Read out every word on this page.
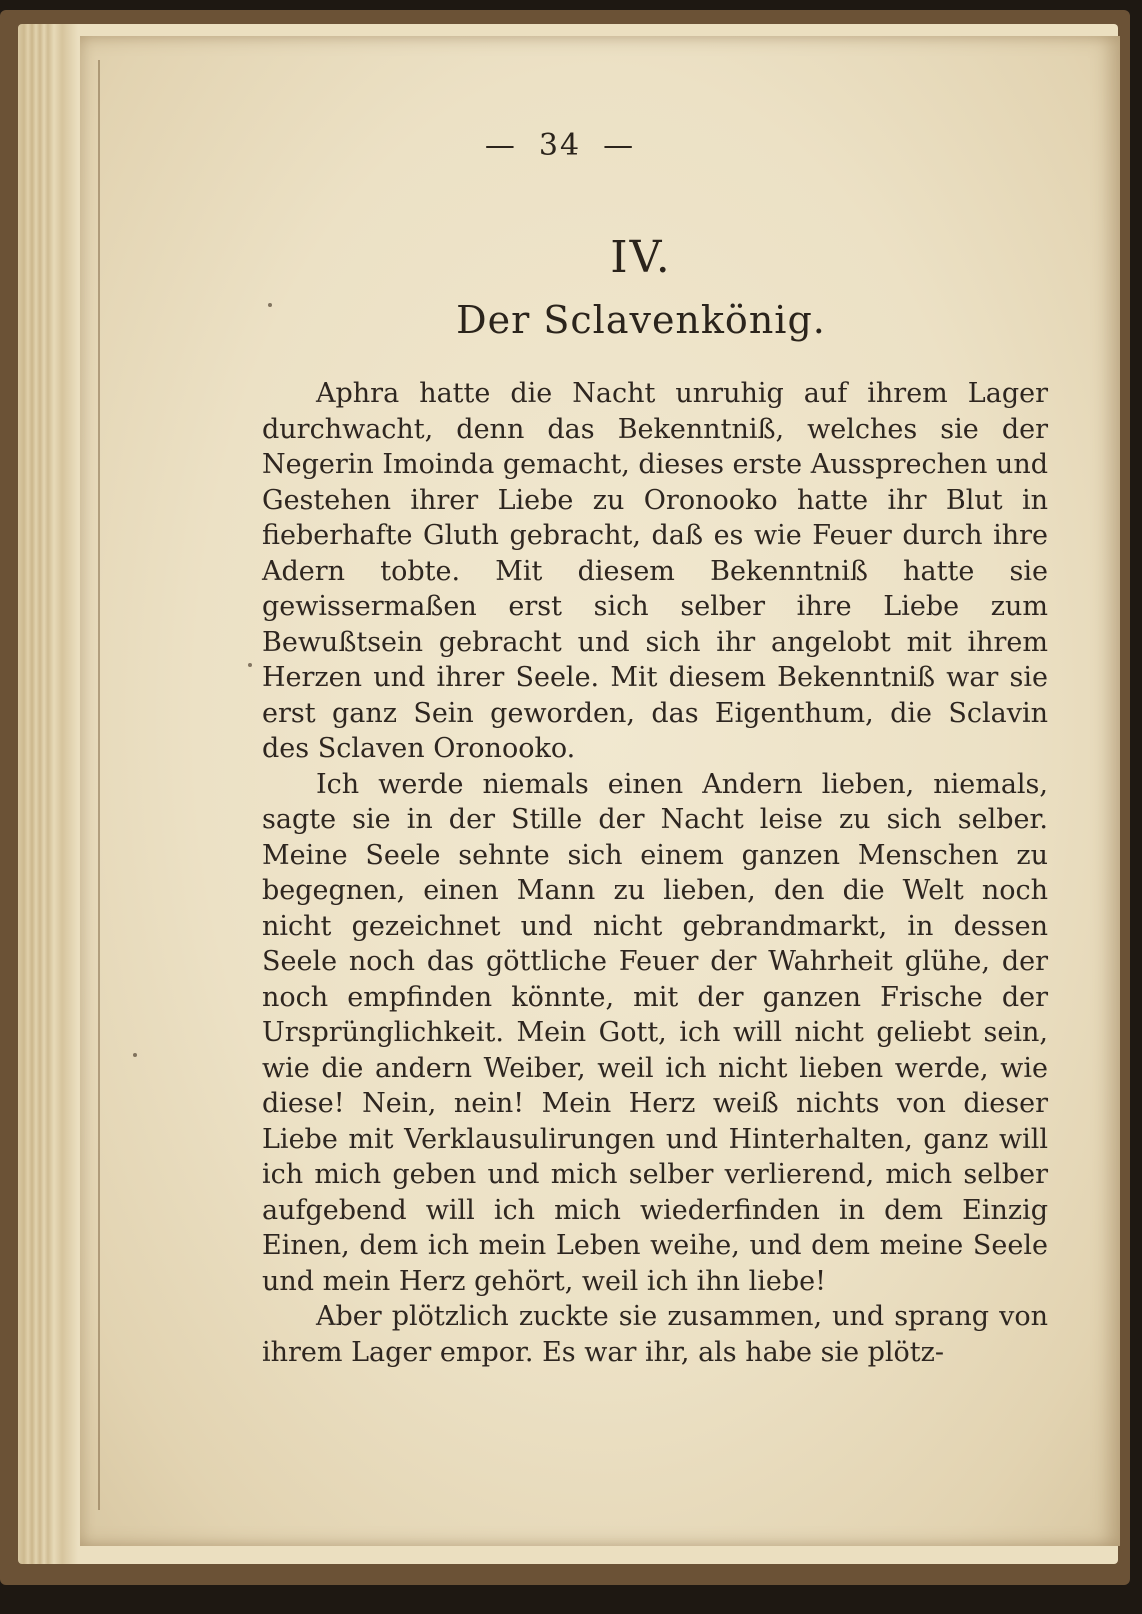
— 34 —
IV.
Der Sclavenkönig.

Aphra hatte die Nacht unruhig auf ihrem Lager durchwacht, denn das Bekenntniß, welches sie der Negerin Imoinda gemacht, dieses erste Aussprechen und Gestehen ihrer Liebe zu Oronooko hatte ihr Blut in fieberhafte Gluth gebracht, daß es wie Feuer durch ihre Adern tobte. Mit diesem Bekenntniß hatte sie gewissermaßen erst sich selber ihre Liebe zum Bewußtsein gebracht und sich ihr angelobt mit ihrem Herzen und ihrer Seele. Mit diesem Bekenntniß war sie erst ganz Sein geworden, das Eigenthum, die Sclavin des Sclaven Oronooko.

Ich werde niemals einen Andern lieben, niemals, sagte sie in der Stille der Nacht leise zu sich selber. Meine Seele sehnte sich einem ganzen Menschen zu begegnen, einen Mann zu lieben, den die Welt noch nicht gezeichnet und nicht gebrandmarkt, in dessen Seele noch das göttliche Feuer der Wahrheit glühe, der noch empfinden könnte, mit der ganzen Frische der Ursprünglichkeit. Mein Gott, ich will nicht geliebt sein, wie die andern Weiber, weil ich nicht lieben werde, wie diese! Nein, nein! Mein Herz weiß nichts von dieser Liebe mit Verklausulirungen und Hinterhalten, ganz will ich mich geben und mich selber verlierend, mich selber aufgebend will ich mich wiederfinden in dem Einzig Einen, dem ich mein Leben weihe, und dem meine Seele und mein Herz gehört, weil ich ihn liebe!

Aber plötzlich zuckte sie zusammen, und sprang von ihrem Lager empor. Es war ihr, als habe sie plötz-
